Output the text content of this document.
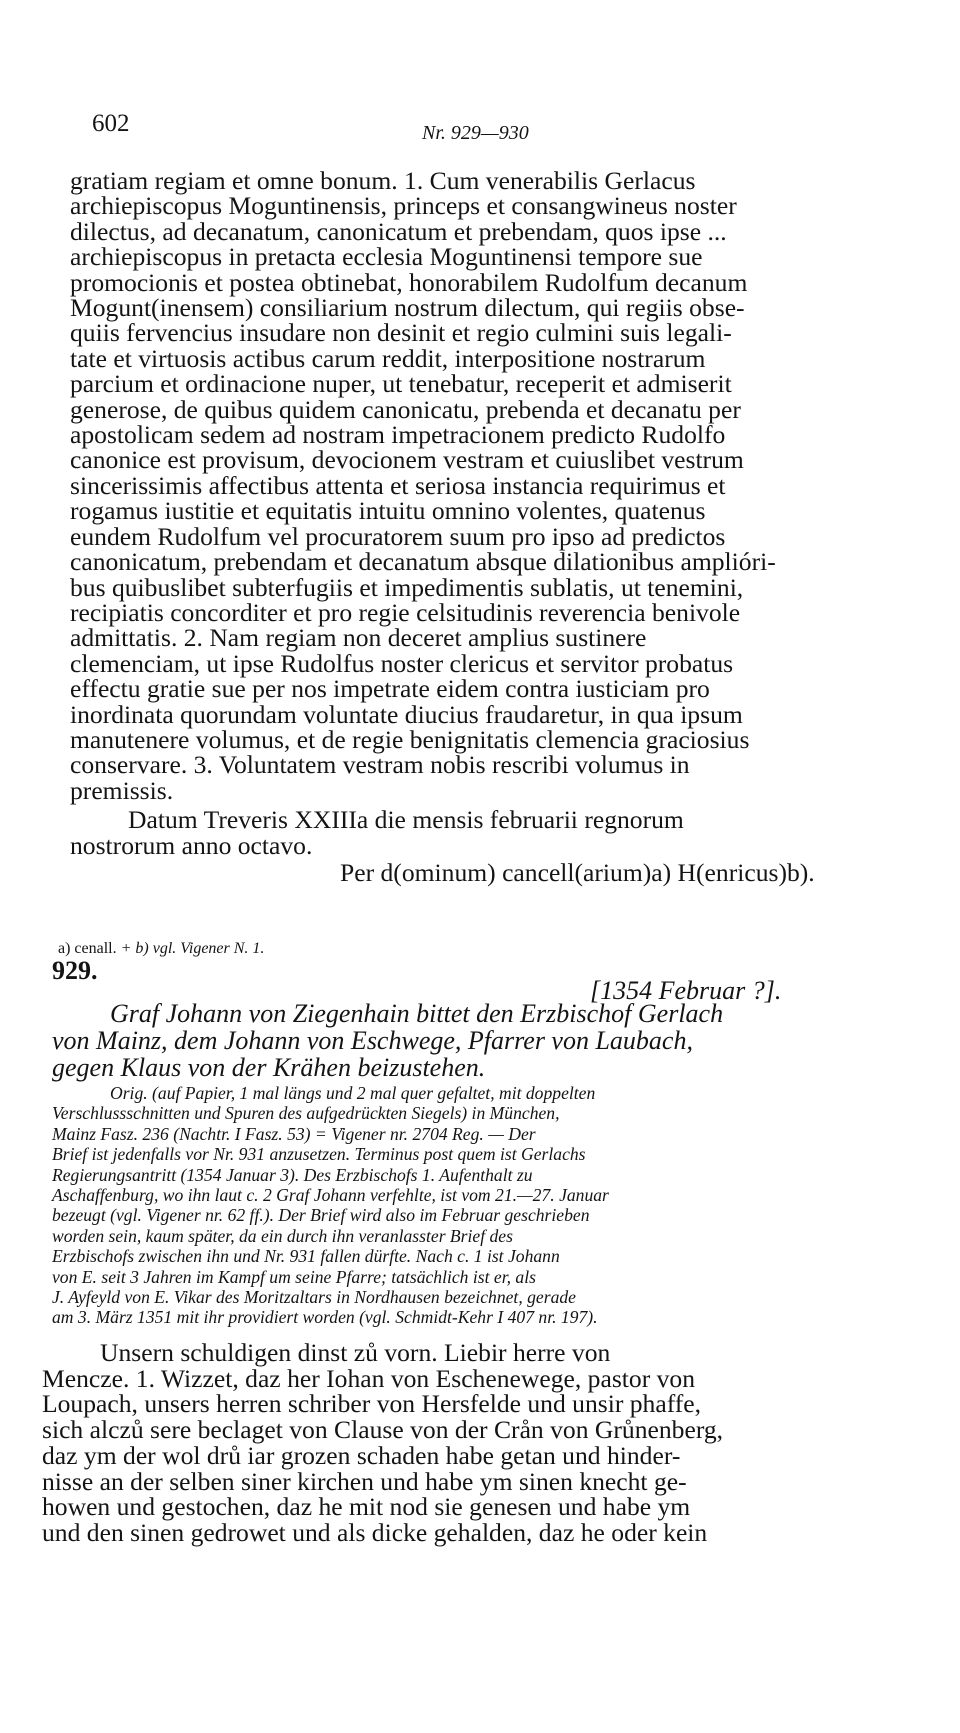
602	Nr. 929—930

gratiam regiam et omne bonum. 1. Cum venerabilis Gerlacus

archiepiscopus Moguntinensis, princeps et consangwineus noster

dilectus, ad decanatum, canonicatum et prebendam, quos ipse ...

archiepiscopus in pretacta ecclesia Moguntinensi tempore sue

promocionis et postea obtinebat, honorabilem Rudolfum decanum

Mogunt(inensem) consiliarium nostrum dilectum, qui regiis obse-

quiis fervencius insudare non desinit et regio culmini suis legali-

tate et virtuosis actibus carum reddit, interpositione nostrarum

parcium et ordinacione nuper, ut tenebatur, receperit et admiserit

generose, de quibus quidem canonicatu, prebenda et decanatu per

apostolicam sedem ad nostram impetracionem predicto Rudolfo

canonice est provisum, devocionem vestram et cuiuslibet vestrum

sincerissimis affectibus attenta et seriosa instancia requirimus et

rogamus iustitie et equitatis intuitu omnino volentes, quatenus

eundem Rudolfum vel procuratorem suum pro ipso ad predictos

canonicatum, prebendam et decanatum absque dilationibus amplióri-

bus quibuslibet subterfugiis et impedimentis sublatis, ut tenemini,

recipiatis concorditer et pro regie celsitudinis reverencia benivole

admittatis. 2. Nam regiam non deceret amplius sustinere

clemenciam, ut ipse Rudolfus noster clericus et servitor probatus

effectu gratie sue per nos impetrate eidem contra iusticiam pro

inordinata quorundam voluntate diucius fraudaretur, in qua ipsum

manutenere volumus, et de regie benignitatis clemencia graciosius

conservare. 3. Voluntatem vestram nobis rescribi volumus in

premissis.

Datum Treveris XXIIIa die mensis februarii regnorum

nostrorum anno octavo.

Per d(ominum) cancell(arium)a) H(enricus)b).

a) cenall. + b) vgl. Vigener N. 1.
929.
[1354 Februar ?].

Graf Johann von Ziegenhain bittet den Erzbischof Gerlach

von Mainz, dem Johann von Eschwege, Pfarrer von Laubach,

gegen Klaus von der Krähen beizustehen.

Orig. (auf Papier, 1 mal längs und 2 mal quer gefaltet, mit doppelten

Verschlussschnitten und Spuren des aufgedrückten Siegels) in München,

Mainz Fasz. 236 (Nachtr. I Fasz. 53) = Vigener nr. 2704 Reg. — Der

Brief ist jedenfalls vor Nr. 931 anzusetzen. Terminus post quem ist Gerlachs

Regierungsantritt (1354 Januar 3). Des Erzbischofs 1. Aufenthalt zu

Aschaffenburg, wo ihn laut c. 2 Graf Johann verfehlte, ist vom 21.—27. Januar

bezeugt (vgl. Vigener nr. 62 ff.). Der Brief wird also im Februar geschrieben

worden sein, kaum später, da ein durch ihn veranlasster Brief des

Erzbischofs zwischen ihn und Nr. 931 fallen dürfte. Nach c. 1 ist Johann

von E. seit 3 Jahren im Kampf um seine Pfarre; tatsächlich ist er, als

J. Ayfeyld von E. Vikar des Moritzaltars in Nordhausen bezeichnet, gerade

am 3. März 1351 mit ihr providiert worden (vgl. Schmidt-Kehr I 407 nr. 197).

Unsern schuldigen dinst zů vorn. Liebir herre von

Mencze. 1. Wizzet, daz her Iohan von Eschenewege, pastor von

Loupach, unsers herren schriber von Hersfelde und unsir phaffe,

sich alczů sere beclaget von Clause von der Crån von Grůnenberg,

daz ym der wol drů iar grozen schaden habe getan und hinder-

nisse an der selben siner kirchen und habe ym sinen knecht ge-

howen und gestochen, daz he mit nod sie genesen und habe ym

und den sinen gedrowet und als dicke gehalden, daz he oder kein
